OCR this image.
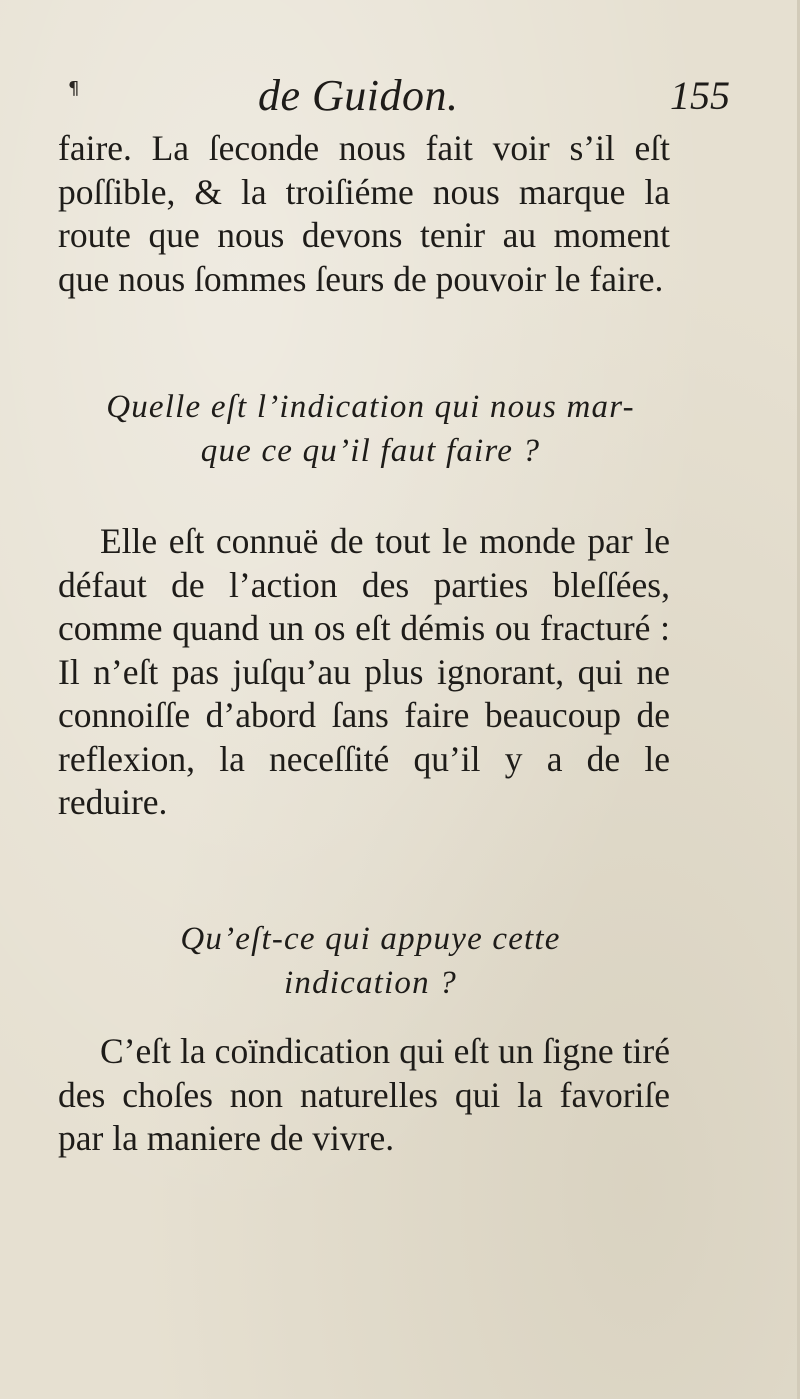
¶	de Guidon.	155

faire. La ſeconde nous fait voir s’il eſt poſſible, & la troiſiéme nous marque la route que nous devons tenir au moment que nous ſommes ſeurs de pouvoir le faire.

Quelle eſt l’indication qui nous mar-
que ce qu’il faut faire ?

Elle eſt connuë de tout le monde par le défaut de l’action des parties bleſſées, comme quand un os eſt démis ou fracturé : Il n’eſt pas juſqu’au plus ignorant, qui ne connoiſſe d’abord ſans faire beaucoup de reflexion, la neceſſité qu’il y a de le reduire.

Qu’eſt-ce qui appuye cette
indication ?

C’eſt la coïndication qui eſt un ſigne tiré des choſes non naturelles qui la favoriſe par la maniere de vivre.
